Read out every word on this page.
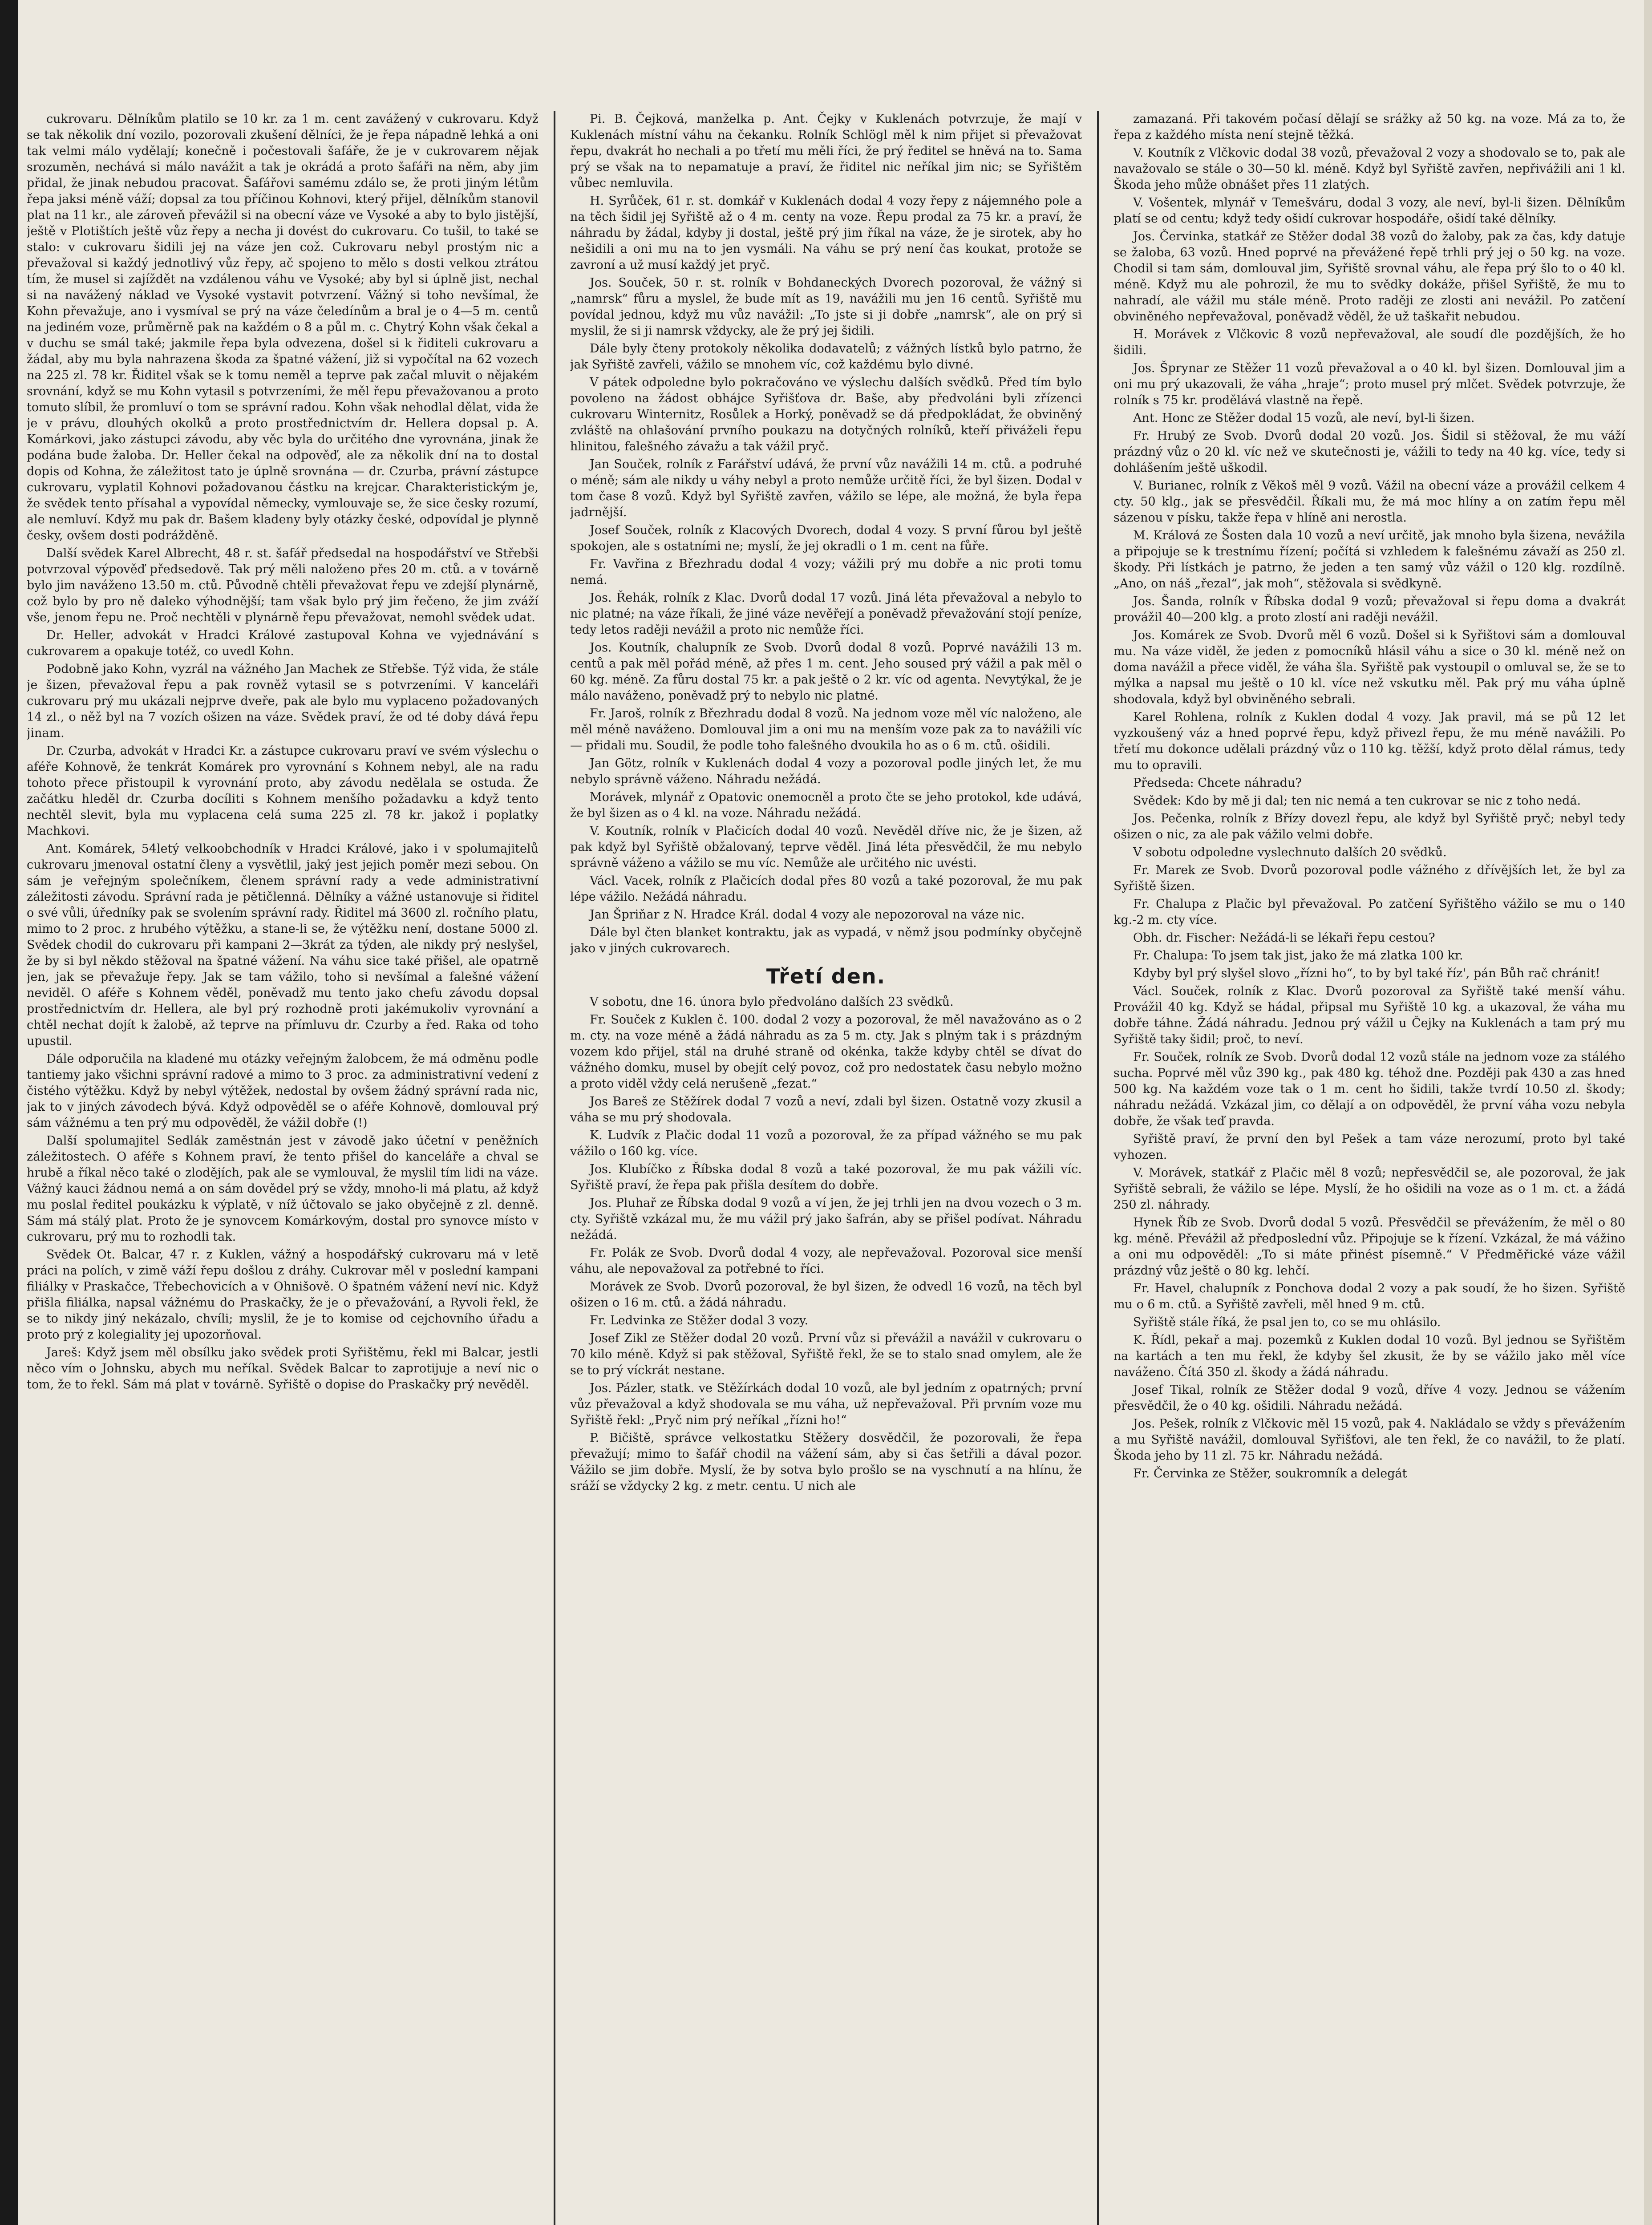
cukrovaru. Dělníkům platilo se 10 kr. za 1 m. cent zavážený v cukrovaru. Když se tak několik dní vozilo, pozorovali zkušení dělníci, že je řepa nápadně lehká a oni tak velmi málo vydělají; konečně i počestovali šafáře, že je v cukrovarem nějak srozuměn, nechává si málo navážit a tak je okrádá a proto šafáři na něm, aby jim přidal, že jinak nebudou pracovat. Šafářovi samému zdálo se, že proti jiným létům řepa jaksi méně váží; dopsal za tou příčinou Kohnovi, který přijel, dělníkům stanovil plat na 11 kr., ale zároveň převážil si na obecní váze ve Vysoké a aby to bylo jistější, ještě v Plotištích ještě vůz řepy a necha ji dovést do cukrovaru. Co tušil, to také se stalo: v cukrovaru šidili jej na váze jen což. Cukrovaru nebyl prostým nic a převažoval si každý jednotlivý vůz řepy, ač spojeno to mělo s dosti velkou ztrátou tím, že musel si zajíždět na vzdálenou váhu ve Vysoké; aby byl si úplně jist, nechal si na navážený náklad ve Vysoké vystavit potvrzení. Vážný si toho nevšímal, že Kohn převažuje, ano i vysmíval se prý na váze čeledínům a bral je o 4—5 m. centů na jediném voze, průměrně pak na každém o 8 a půl m. c. Chytrý Kohn však čekal a v duchu se smál také; jakmile řepa byla odvezena, došel si k řiditeli cukrovaru a žádal, aby mu byla nahrazena škoda za špatné vážení, již si vypočítal na 62 vozech na 225 zl. 78 kr. Řiditel však se k tomu neměl a teprve pak začal mluvit o nějakém srovnání, když se mu Kohn vytasil s potvrzeními, že měl řepu převažovanou a proto tomuto slíbil, že promluví o tom se správní radou. Kohn však nehodlal dělat, vida že je v právu, dlouhých okolků a proto prostřednictvím dr. Hellera dopsal p. A. Komárkovi, jako zástupci závodu, aby věc byla do určitého dne vyrovnána, jinak že podána bude žaloba. Dr. Heller čekal na odpověď, ale za několik dní na to dostal dopis od Kohna, že záležitost tato je úplně srovnána — dr. Czurba, právní zástupce cukrovaru, vyplatil Kohnovi požadovanou částku na krejcar. Charakteristickým je, že svědek tento přísahal a vypovídal německy, vymlouvaje se, že sice česky rozumí, ale nemluví. Když mu pak dr. Bašem kladeny byly otázky české, odpovídal je plynně česky, ovšem dosti podrážděně.

Další svědek Karel Albrecht, 48 r. st. šafář předsedal na hospodářství ve Střebši potvrzoval výpověď předsedově. Tak prý měli naloženo přes 20 m. ctů. a v továrně bylo jim naváženo 13.50 m. ctů. Původně chtěli převažovat řepu ve zdejší plynárně, což bylo by pro ně daleko výhodnější; tam však bylo prý jim řečeno, že jim zváží vše, jenom řepu ne. Proč nechtěli v plynárně řepu převažovat, nemohl svědek udat.

Dr. Heller, advokát v Hradci Králové zastupoval Kohna ve vyjednávání s cukrovarem a opakuje totéž, co uvedl Kohn.

Podobně jako Kohn, vyzrál na vážného Jan Machek ze Střebše. Týž vida, že stále je šizen, převažoval řepu a pak rovněž vytasil se s potvrzeními. V kanceláři cukrovaru prý mu ukázali nejprve dveře, pak ale bylo mu vyplaceno požadovaných 14 zl., o něž byl na 7 vozích ošizen na váze. Svědek praví, že od té doby dává řepu jinam.

Dr. Czurba, advokát v Hradci Kr. a zástupce cukrovaru praví ve svém výslechu o aféře Kohnově, že tenkrát Komárek pro vyrovnání s Kohnem nebyl, ale na radu tohoto přece přistoupil k vyrovnání proto, aby závodu nedělala se ostuda. Že začátku hleděl dr. Czurba docíliti s Kohnem menšího požadavku a když tento nechtěl slevit, byla mu vyplacena celá suma 225 zl. 78 kr. jakož i poplatky Machkovi.

Ant. Komárek, 54letý velkoobchodník v Hradci Králové, jako i v spolumajitelů cukrovaru jmenoval ostatní členy a vysvětlil, jaký jest jejich poměr mezi sebou. On sám je veřejným společníkem, členem správní rady a vede administrativní záležitosti závodu. Správní rada je pětičlenná. Dělníky a vážné ustanovuje si řiditel o své vůli, úředníky pak se svolením správní rady. Řiditel má 3600 zl. ročního platu, mimo to 2 proc. z hrubého výtěžku, a stane-li se, že výtěžku není, dostane 5000 zl. Svědek chodil do cukrovaru při kampani 2—3krát za týden, ale nikdy prý neslyšel, že by si byl někdo stěžoval na špatné vážení. Na váhu sice také přišel, ale opatrně jen, jak se převažuje řepy. Jak se tam vážilo, toho si nevšímal a falešné vážení neviděl. O aféře s Kohnem věděl, poněvadž mu tento jako chefu závodu dopsal prostřednictvím dr. Hellera, ale byl prý rozhodně proti jakémukoliv vyrovnání a chtěl nechat dojít k žalobě, až teprve na přímluvu dr. Czurby a řed. Raka od toho upustil.

Dále odporučila na kladené mu otázky veřejným žalobcem, že má odměnu podle tantiemy jako všichni správní radové a mimo to 3 proc. za administrativní vedení z čistého výtěžku. Když by nebyl výtěžek, nedostal by ovšem žádný správní rada nic, jak to v jiných závodech bývá. Když odpověděl se o aféře Kohnově, domlouval prý sám vážnému a ten prý mu odpověděl, že vážil dobře (!)

Další spolumajitel Sedlák zaměstnán jest v závodě jako účetní v peněžních záležitostech. O aféře s Kohnem praví, že tento přišel do kanceláře a chval se hrubě a říkal něco také o zlodějích, pak ale se vymlouval, že myslil tím lidi na váze. Vážný kauci žádnou nemá a on sám dovědel prý se vždy, mnoho-li má platu, až když mu poslal ředitel poukázku k výplatě, v níž účtovalo se jako obyčejně z zl. denně. Sám má stálý plat. Proto že je synovcem Komárkovým, dostal pro synovce místo v cukrovaru, prý mu to rozhodli tak.

Svědek Ot. Balcar, 47 r. z Kuklen, vážný a hospodářský cukrovaru má v letě práci na polích, v zimě váží řepu došlou z dráhy. Cukrovar měl v poslední kampani filiálky v Praskačce, Třebechovicích a v Ohnišově. O špatném vážení neví nic. Když přišla filiálka, napsal vážnému do Praskačky, že je o převažování, a Ryvoli řekl, že se to nikdy jiný nekázalo, chvíli; myslil, že je to komise od cejchovního úřadu a proto prý z kolegiality jej upozorňoval.

Jareš: Když jsem měl obsílku jako svědek proti Syřištěmu, řekl mi Balcar, jestli něco vím o Johnsku, abych mu neříkal. Svědek Balcar to zaprotijuje a neví nic o tom, že to řekl. Sám má plat v továrně. Syřiště o dopise do Praskačky prý nevěděl.

Pi. B. Čejková, manželka p. Ant. Čejky v Kuklenách potvrzuje, že mají v Kuklenách místní váhu na čekanku. Rolník Schlögl měl k nim přijet si převažovat řepu, dvakrát ho nechali a po třetí mu měli říci, že prý ředitel se hněvá na to. Sama prý se však na to nepamatuje a praví, že řiditel nic neříkal jim nic; se Syřištěm vůbec nemluvila.

H. Syrůček, 61 r. st. domkář v Kuklenách dodal 4 vozy řepy z nájemného pole a na těch šidil jej Syřiště až o 4 m. centy na voze. Řepu prodal za 75 kr. a praví, že náhradu by žádal, kdyby ji dostal, ještě prý jim říkal na váze, že je sirotek, aby ho nešidili a oni mu na to jen vysmáli. Na váhu se prý není čas koukat, protože se zavroní a už musí každý jet pryč.

Jos. Souček, 50 r. st. rolník v Bohdaneckých Dvorech pozoroval, že vážný si „namrsk“ fůru a myslel, že bude mít as 19, navážili mu jen 16 centů. Syřiště mu povídal jednou, když mu vůz navážil: „To jste si ji dobře „namrsk“, ale on prý si myslil, že si ji namrsk vždycky, ale že prý jej šidili.

Dále byly čteny protokoly několika dodavatelů; z vážných lístků bylo patrno, že jak Syřiště zavřeli, vážilo se mnohem víc, což každému bylo divné.

V pátek odpoledne bylo pokračováno ve výslechu dalších svědků. Před tím bylo povoleno na žádost obhájce Syřišťova dr. Baše, aby předvoláni byli zřízenci cukrovaru Winternitz, Rosůlek a Horký, poněvadž se dá předpokládat, že obviněný zvláště na ohlašování prvního poukazu na dotyčných rolníků, kteří přiváželi řepu hlinitou, falešného závažu a tak vážil pryč.

Jan Souček, rolník z Farářství udává, že první vůz navážili 14 m. ctů. a podruhé o méně; sám ale nikdy u váhy nebyl a proto nemůže určitě říci, že byl šizen. Dodal v tom čase 8 vozů. Když byl Syřiště zavřen, vážilo se lépe, ale možná, že byla řepa jadrnější.

Josef Souček, rolník z Klacových Dvorech, dodal 4 vozy. S první fůrou byl ještě spokojen, ale s ostatními ne; myslí, že jej okradli o 1 m. cent na fůře.

Fr. Vavřina z Březhradu dodal 4 vozy; vážili prý mu dobře a nic proti tomu nemá.

Jos. Řehák, rolník z Klac. Dvorů dodal 17 vozů. Jiná léta převažoval a nebylo to nic platné; na váze říkali, že jiné váze nevěřejí a poněvadž převažování stojí peníze, tedy letos raději nevážil a proto nic nemůže říci.

Jos. Koutník, chalupník ze Svob. Dvorů dodal 8 vozů. Poprvé navážili 13 m. centů a pak měl pořád méně, až přes 1 m. cent. Jeho soused prý vážil a pak měl o 60 kg. méně. Za fůru dostal 75 kr. a pak ještě o 2 kr. víc od agenta. Nevytýkal, že je málo naváženo, poněvadž prý to nebylo nic platné.

Fr. Jaroš, rolník z Březhradu dodal 8 vozů. Na jednom voze měl víc naloženo, ale měl méně naváženo. Domlouval jim a oni mu na menším voze pak za to navážili víc — přidali mu. Soudil, že podle toho falešného dvoukila ho as o 6 m. ctů. ošidili.

Jan Götz, rolník v Kuklenách dodal 4 vozy a pozoroval podle jiných let, že mu nebylo správně váženo. Náhradu nežádá.

Morávek, mlynář z Opatovic onemocněl a proto čte se jeho protokol, kde udává, že byl šizen as o 4 kl. na voze. Náhradu nežádá.

V. Koutník, rolník v Plačicích dodal 40 vozů. Nevěděl dříve nic, že je šizen, až pak když byl Syřiště obžalovaný, teprve věděl. Jiná léta přesvědčil, že mu nebylo správně váženo a vážilo se mu víc. Nemůže ale určitého nic uvésti.

Václ. Vacek, rolník z Plačicích dodal přes 80 vozů a také pozoroval, že mu pak lépe vážilo. Nežádá náhradu.

Jan Špriňar z N. Hradce Král. dodal 4 vozy ale nepozoroval na váze nic.

Dále byl čten blanket kontraktu, jak as vypadá, v němž jsou podmínky obyčejně jako v jiných cukrovarech.

Třetí den.

V sobotu, dne 16. února bylo předvoláno dalších 23 svědků.

Fr. Souček z Kuklen č. 100. dodal 2 vozy a pozoroval, že měl navažováno as o 2 m. cty. na voze méně a žádá náhradu as za 5 m. cty. Jak s plným tak i s prázdným vozem kdo přijel, stál na druhé straně od okénka, takže kdyby chtěl se dívat do vážného domku, musel by obejít celý povoz, což pro nedostatek času nebylo možno a proto viděl vždy celá nerušeně „fezat.“

Jos Bareš ze Stěžírek dodal 7 vozů a neví, zdali byl šizen. Ostatně vozy zkusil a váha se mu prý shodovala.

K. Ludvík z Plačic dodal 11 vozů a pozoroval, že za případ vážného se mu pak vážilo o 160 kg. více.

Jos. Klubíčko z Říbska dodal 8 vozů a také pozoroval, že mu pak vážili víc. Syřiště praví, že řepa pak přišla desítem do dobře.

Jos. Pluhař ze Říbska dodal 9 vozů a ví jen, že jej trhli jen na dvou vozech o 3 m. cty. Syřiště vzkázal mu, že mu vážil prý jako šafrán, aby se přišel podívat. Náhradu nežádá.

Fr. Polák ze Svob. Dvorů dodal 4 vozy, ale nepřevažoval. Pozoroval sice menší váhu, ale nepovažoval za potřebné to říci.

Morávek ze Svob. Dvorů pozoroval, že byl šizen, že odvedl 16 vozů, na těch byl ošizen o 16 m. ctů. a žádá náhradu.

Fr. Ledvinka ze Stěžer dodal 3 vozy.

Josef Zikl ze Stěžer dodal 20 vozů. První vůz si převážil a navážil v cukrovaru o 70 kilo méně. Když si pak stěžoval, Syřiště řekl, že se to stalo snad omylem, ale že se to prý víckrát nestane.

Jos. Pázler, statk. ve Stěžírkách dodal 10 vozů, ale byl jedním z opatrných; první vůz převažoval a když shodovala se mu váha, už nepřevažoval. Při prvním voze mu Syřiště řekl: „Pryč nim prý neříkal „řízni ho!“

P. Bičiště, správce velkostatku Stěžery dosvědčil, že pozorovali, že řepa převažují; mimo to šafář chodil na vážení sám, aby si čas šetřili a dával pozor. Vážilo se jim dobře. Myslí, že by sotva bylo prošlo se na vyschnutí a na hlínu, že sráží se vždycky 2 kg. z metr. centu. U nich ale

zamazaná. Při takovém počasí dělají se srážky až 50 kg. na voze. Má za to, že řepa z každého místa není stejně těžká.

V. Koutník z Vlčkovic dodal 38 vozů, převažoval 2 vozy a shodovalo se to, pak ale navažovalo se stále o 30—50 kl. méně. Když byl Syřiště zavřen, nepřivážili ani 1 kl. Škoda jeho může obnášet přes 11 zlatých.

V. Vošentek, mlynář v Temešváru, dodal 3 vozy, ale neví, byl-li šizen. Dělníkům platí se od centu; když tedy ošidí cukrovar hospodáře, ošidí také dělníky.

Jos. Červinka, statkář ze Stěžer dodal 38 vozů do žaloby, pak za čas, kdy datuje se žaloba, 63 vozů. Hned poprvé na převážené řepě trhli prý jej o 50 kg. na voze. Chodil si tam sám, domlouval jim, Syřiště srovnal váhu, ale řepa prý šlo to o 40 kl. méně. Když mu ale pohrozil, že mu to svědky dokáže, přišel Syřiště, že mu to nahradí, ale vážil mu stále méně. Proto raději ze zlosti ani nevážil. Po zatčení obviněného nepřevažoval, poněvadž věděl, že už taškařit nebudou.

H. Morávek z Vlčkovic 8 vozů nepřevažoval, ale soudí dle pozdějších, že ho šidili.

Jos. Šprynar ze Stěžer 11 vozů převažoval a o 40 kl. byl šizen. Domlouval jim a oni mu prý ukazovali, že váha „hraje“; proto musel prý mlčet. Svědek potvrzuje, že rolník s 75 kr. prodělává vlastně na řepě.

Ant. Honc ze Stěžer dodal 15 vozů, ale neví, byl-li šizen.

Fr. Hrubý ze Svob. Dvorů dodal 20 vozů. Jos. Šidil si stěžoval, že mu váží prázdný vůz o 20 kl. víc než ve skutečnosti je, vážili to tedy na 40 kg. více, tedy si dohlášením ještě uškodil.

V. Burianec, rolník z Věkoš měl 9 vozů. Vážil na obecní váze a provážil celkem 4 cty. 50 klg., jak se přesvědčil. Říkali mu, že má moc hlíny a on zatím řepu měl sázenou v písku, takže řepa v hlíně ani nerostla.

M. Králová ze Šosten dala 10 vozů a neví určitě, jak mnoho byla šizena, nevážila a připojuje se k trestnímu řízení; počítá si vzhledem k falešnému závaží as 250 zl. škody. Při lístkách je patrno, že jeden a ten samý vůz vážil o 120 klg. rozdílně. „Ano, on náš „řezal“, jak moh“, stěžovala si svědkyně.

Jos. Šanda, rolník v Říbska dodal 9 vozů; převažoval si řepu doma a dvakrát provážil 40—200 klg. a proto zlostí ani raději nevážil.

Jos. Komárek ze Svob. Dvorů měl 6 vozů. Došel si k Syřištovi sám a domlouval mu. Na váze viděl, že jeden z pomocníků hlásil váhu a sice o 30 kl. méně než on doma navážil a přece viděl, že váha šla. Syřiště pak vystoupil o omluval se, že se to mýlka a napsal mu ještě o 10 kl. více než vskutku měl. Pak prý mu váha úplně shodovala, když byl obviněného sebrali.

Karel Rohlena, rolník z Kuklen dodal 4 vozy. Jak pravil, má se pů 12 let vyzkoušený váz a hned poprvé řepu, když přivezl řepu, že mu méně navážili. Po třetí mu dokonce udělali prázdný vůz o 110 kg. těžší, když proto dělal rámus, tedy mu to opravili.

Předseda: Chcete náhradu?

Svědek: Kdo by mě ji dal; ten nic nemá a ten cukrovar se nic z toho nedá.

Jos. Pečenka, rolník z Břízy dovezl řepu, ale když byl Syřiště pryč; nebyl tedy ošizen o nic, za ale pak vážilo velmi dobře.

V sobotu odpoledne vyslechnuto dalších 20 svědků.

Fr. Marek ze Svob. Dvorů pozoroval podle vážného z dřívějších let, že byl za Syřiště šizen.

Fr. Chalupa z Plačic byl převažoval. Po zatčení Syřištěho vážilo se mu o 140 kg.-2 m. cty více.

Obh. dr. Fischer: Nežádá-li se lékaři řepu cestou?

Fr. Chalupa: To jsem tak jist, jako že má zlatka 100 kr.

Kdyby byl prý slyšel slovo „řízni ho“, to by byl také říz', pán Bůh rač chránit!

Václ. Souček, rolník z Klac. Dvorů pozoroval za Syřiště také menší váhu. Provážil 40 kg. Když se hádal, připsal mu Syřiště 10 kg. a ukazoval, že váha mu dobře táhne. Žádá náhradu. Jednou prý vážil u Čejky na Kuklenách a tam prý mu Syřiště taky šidil; proč, to neví.

Fr. Souček, rolník ze Svob. Dvorů dodal 12 vozů stále na jednom voze za stálého sucha. Poprvé měl vůz 390 kg., pak 480 kg. téhož dne. Později pak 430 a zas hned 500 kg. Na každém voze tak o 1 m. cent ho šidili, takže tvrdí 10.50 zl. škody; náhradu nežádá. Vzkázal jim, co dělají a on odpověděl, že první váha vozu nebyla dobře, že však teď pravda.

Syřiště praví, že první den byl Pešek a tam váze nerozumí, proto byl také vyhozen.

V. Morávek, statkář z Plačic měl 8 vozů; nepřesvědčil se, ale pozoroval, že jak Syřiště sebrali, že vážilo se lépe. Myslí, že ho ošidili na voze as o 1 m. ct. a žádá 250 zl. náhrady.

Hynek Říb ze Svob. Dvorů dodal 5 vozů. Přesvědčil se převážením, že měl o 80 kg. méně. Převážil až předposlední vůz. Připojuje se k řízení. Vzkázal, že má vážino a oni mu odpověděl: „To si máte přinést písemně.“ V Předměřické váze vážil prázdný vůz ještě o 80 kg. lehčí.

Fr. Havel, chalupník z Ponchova dodal 2 vozy a pak soudí, že ho šizen. Syřiště mu o 6 m. ctů. a Syřiště zavřeli, měl hned 9 m. ctů.

Syřiště stále říká, že psal jen to, co se mu ohlásilo.

K. Řídl, pekař a maj. pozemků z Kuklen dodal 10 vozů. Byl jednou se Syřištěm na kartách a ten mu řekl, že kdyby šel zkusit, že by se vážilo jako měl více naváženo. Čítá 350 zl. škody a žádá náhradu.

Josef Tikal, rolník ze Stěžer dodal 9 vozů, dříve 4 vozy. Jednou se vážením přesvědčil, že o 40 kg. ošidili. Náhradu nežádá.

Jos. Pešek, rolník z Vlčkovic měl 15 vozů, pak 4. Nakládalo se vždy s převážením a mu Syřiště navážil, domlouval Syřišťovi, ale ten řekl, že co navážil, to že platí. Škoda jeho by 11 zl. 75 kr. Náhradu nežádá.

Fr. Červinka ze Stěžer, soukromník a delegát
